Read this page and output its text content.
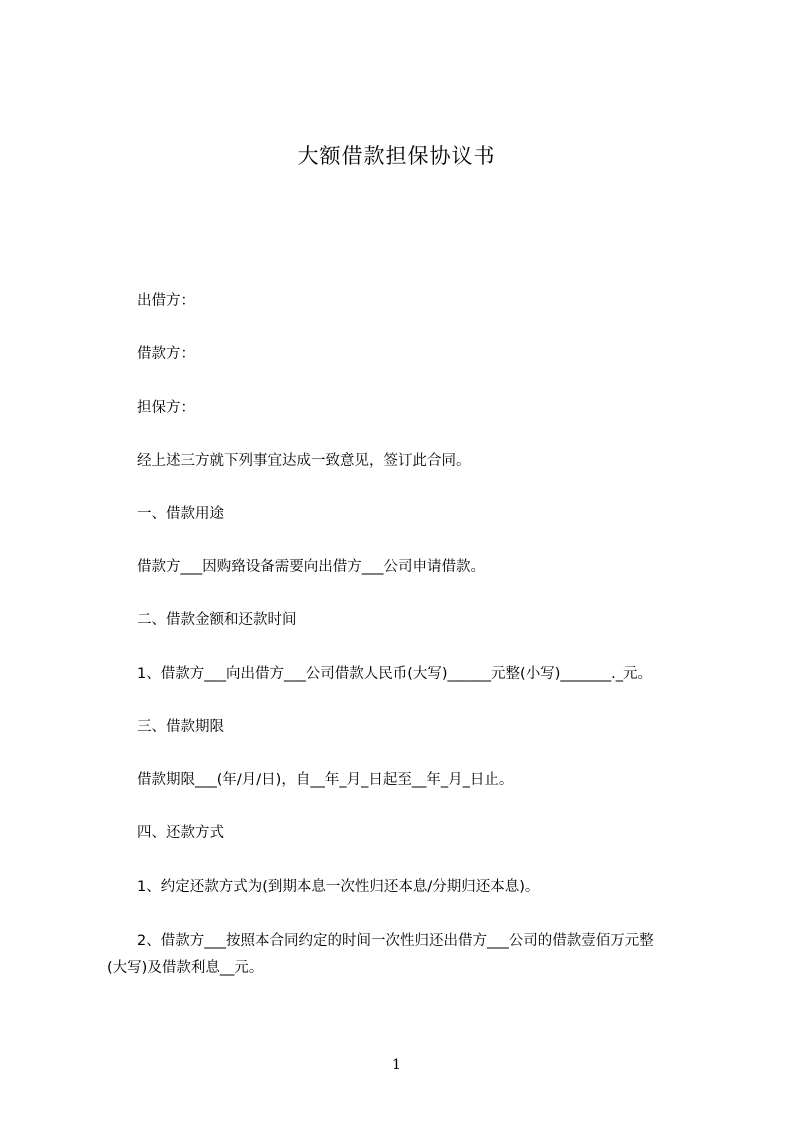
大额借款担保协议书
出借方：
借款方：
担保方：
经上述三方就下列事宜达成一致意见，签订此合同。
一、借款用途
借款方___因购臵设备需要向出借方___公司申请借款。
二、借款金额和还款时间
1、借款方___向出借方___公司借款人民币(大写)______元整(小写)_______._元。
三、借款期限
借款期限___(年/月/日)，自__年_月_日起至__年_月_日止。
四、还款方式
1、约定还款方式为(到期本息一次性归还本息/分期归还本息)。
2、借款方___按照本合同约定的时间一次性归还出借方___公司的借款壹佰万元整
(大写)及借款利息__元。
1
